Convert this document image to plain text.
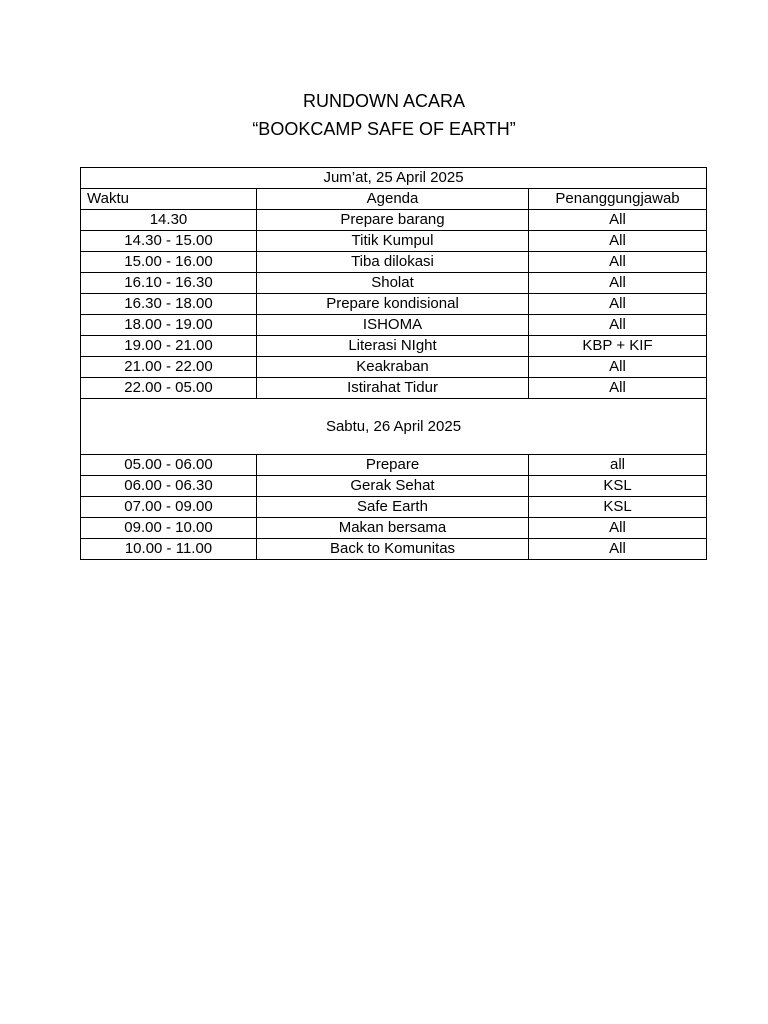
RUNDOWN ACARA
“BOOKCAMP SAFE OF EARTH”
Jum’at, 25 April 2025		
Waktu	Agenda	Penanggungjawab
14.30	Prepare barang	All
14.30 - 15.00	Titik Kumpul	All
15.00 - 16.00	Tiba dilokasi	All
16.10 - 16.30	Sholat	All
16.30 - 18.00	Prepare kondisional	All
18.00 - 19.00	ISHOMA	All
19.00 - 21.00	Literasi NIght	KBP + KIF
21.00 - 22.00	Keakraban	All
22.00 - 05.00	Istirahat Tidur	All
Sabtu, 26 April 2025		
05.00 - 06.00	Prepare	all
06.00 - 06.30	Gerak Sehat	KSL
07.00 - 09.00	Safe Earth	KSL
09.00 - 10.00	Makan bersama	All
10.00 - 11.00	Back to Komunitas	All
